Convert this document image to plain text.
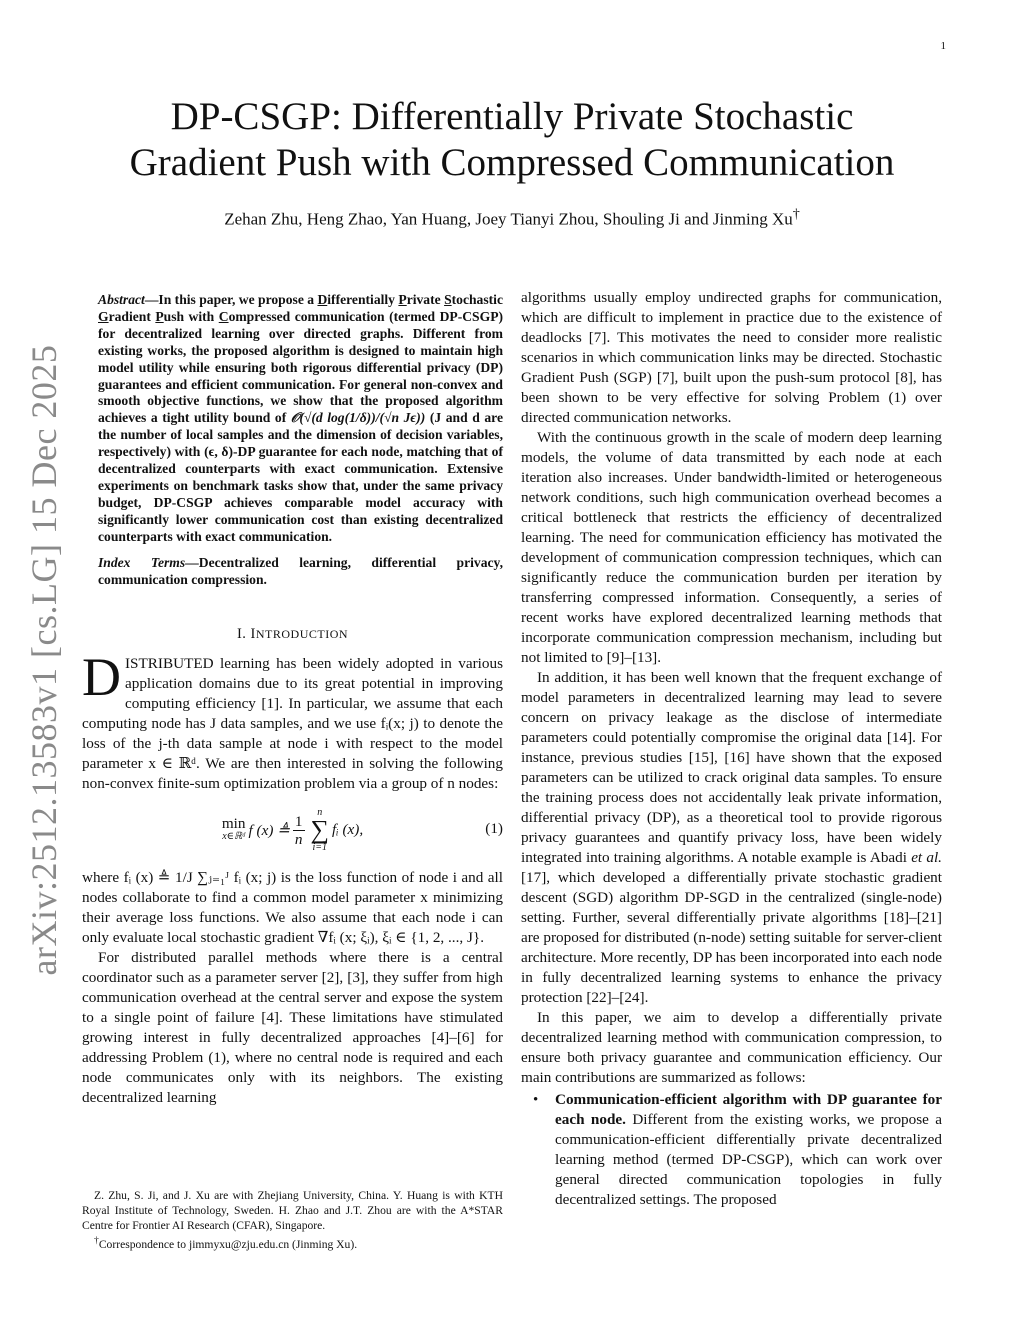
1
arXiv:2512.13583v1 [cs.LG] 15 Dec 2025
DP-CSGP: Differentially Private Stochastic
Gradient Push with Compressed Communication
Zehan Zhu, Heng Zhao, Yan Huang, Joey Tianyi Zhou, Shouling Ji and Jinming Xu†

Abstract—In this paper, we propose a Differentially Private Stochastic Gradient Push with Compressed communication (termed DP-CSGP) for decentralized learning over directed graphs. Different from existing works, the proposed algorithm is designed to maintain high model utility while ensuring both rigorous differential privacy (DP) guarantees and efficient communication. For general non-convex and smooth objective functions, we show that the proposed algorithm achieves a tight utility bound of 𝒪(√(d log(1/δ))/(√n Jϵ)) (J and d are the number of local samples and the dimension of decision variables, respectively) with (ϵ, δ)-DP guarantee for each node, matching that of decentralized counterparts with exact communication. Extensive experiments on benchmark tasks show that, under the same privacy budget, DP-CSGP achieves comparable model accuracy with significantly lower communication cost than existing decentralized counterparts with exact communication.

Index Terms—Decentralized learning, differential privacy, communication compression.

I. INTRODUCTION

DISTRIBUTED learning has been widely adopted in various application domains due to its great potential in improving computing efficiency [1]. In particular, we assume that each computing node has J data samples, and we use fᵢ(x; j) to denote the loss of the j-th data sample at node i with respect to the model parameter x ∈ ℝᵈ. We are then interested in solving the following non-convex finite-sum optimization problem via a group of n nodes:

min
x∈ℝᵈ f (x) ≜ $\frac{1}{n}$ n
∑
i=1
fᵢ (x),	(1)

where fᵢ (x) ≜ 1/J ∑ⱼ₌₁ᴶ fᵢ (x; j) is the loss function of node i and all nodes collaborate to find a common model parameter x minimizing their average loss functions. We also assume that each node i can only evaluate local stochastic gradient ∇fᵢ (x; ξᵢ), ξᵢ ∈ {1, 2, ..., J}.

For distributed parallel methods where there is a central coordinator such as a parameter server [2], [3], they suffer from high communication overhead at the central server and expose the system to a single point of failure [4]. These limitations have stimulated growing interest in fully decentralized approaches [4]–[6] for addressing Problem (1), where no central node is required and each node communicates only with its neighbors. The existing decentralized learning

algorithms usually employ undirected graphs for communication, which are difficult to implement in practice due to the existence of deadlocks [7]. This motivates the need to consider more realistic scenarios in which communication links may be directed. Stochastic Gradient Push (SGP) [7], built upon the push-sum protocol [8], has been shown to be very effective for solving Problem (1) over directed communication networks.

With the continuous growth in the scale of modern deep learning models, the volume of data transmitted by each node at each iteration also increases. Under bandwidth-limited or heterogeneous network conditions, such high communication overhead becomes a critical bottleneck that restricts the efficiency of decentralized learning. The need for communication efficiency has motivated the development of communication compression techniques, which can significantly reduce the communication burden per iteration by transferring compressed information. Consequently, a series of recent works have explored decentralized learning methods that incorporate communication compression mechanism, including but not limited to [9]–[13].

In addition, it has been well known that the frequent exchange of model parameters in decentralized learning may lead to severe concern on privacy leakage as the disclose of intermediate parameters could potentially compromise the original data [14]. For instance, previous studies [15], [16] have shown that the exposed parameters can be utilized to crack original data samples. To ensure the training process does not accidentally leak private information, differential privacy (DP), as a theoretical tool to provide rigorous privacy guarantees and quantify privacy loss, have been widely integrated into training algorithms. A notable example is Abadi et al. [17], which developed a differentially private stochastic gradient descent (SGD) algorithm DP-SGD in the centralized (single-node) setting. Further, several differentially private algorithms [18]–[21] are proposed for distributed (n-node) setting suitable for server-client architecture. More recently, DP has been incorporated into each node in fully decentralized learning systems to enhance the privacy protection [22]–[24].

In this paper, we aim to develop a differentially private decentralized learning method with communication compression, to ensure both privacy guarantee and communication efficiency. Our main contributions are summarized as follows:

• Communication-efficient algorithm with DP guarantee for each node. Different from the existing works, we propose a communication-efficient differentially private decentralized learning method (termed DP-CSGP), which can work over general directed communication topologies in fully decentralized settings. The proposed

Z. Zhu, S. Ji, and J. Xu are with Zhejiang University, China. Y. Huang is with KTH Royal Institute of Technology, Sweden. H. Zhao and J.T. Zhou are with the A*STAR Centre for Frontier AI Research (CFAR), Singapore.

†Correspondence to jimmyxu@zju.edu.cn (Jinming Xu).
